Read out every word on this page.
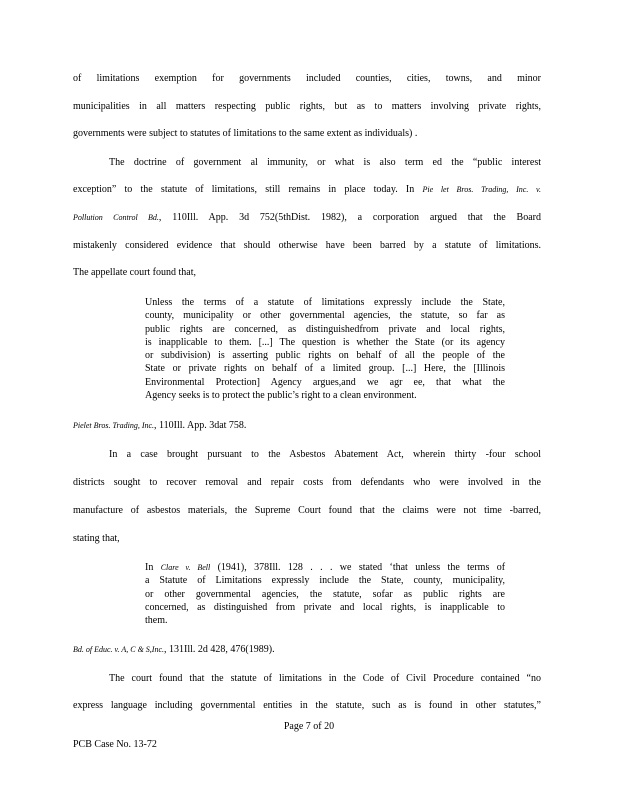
of limitations exemption for governments included counties, cities, towns, and minor
municipalities in all matters respecting public rights, but as to matters involving private rights,
governments were subject to statutes of limitations to the same extent as individuals) .
The doctrine of government al immunity, or what is also term ed the “public interest
exception” to the statute of limitations, still remains in place today. In Pie let Bros. Trading, Inc. v.
Pollution Control Bd., 110Ill. App. 3d 752(5thDist. 1982), a corporation argued that the Board
mistakenly considered evidence that should otherwise have been barred by a statute of limitations.
The appellate court found that,
Unless the terms of a statute of limitations expressly include the State,
county, municipality or other governmental agencies, the statute, so far as
public rights are concerned, as distinguishedfrom private and local rights,
is inapplicable to them. [...] The question is whether the State (or its agency
or subdivision) is asserting public rights on behalf of all the people of the
State or private rights on behalf of a limited group. [...] Here, the [Illinois
Environmental Protection] Agency argues,and we agr ee, that what the
Agency seeks is to protect the public’s right to a clean environment.
Pielet Bros. Trading, Inc., 110Ill. App. 3dat 758.
In a case brought pursuant to the Asbestos Abatement Act, wherein thirty -four school
districts sought to recover removal and repair costs from defendants who were involved in the
manufacture of asbestos materials, the Supreme Court found that the claims were not time -barred,
stating that,
In Clare v. Bell (1941), 378Ill. 128 . . . we stated ‘that unless the terms of
a Statute of Limitations expressly include the State, county, municipality,
or other governmental agencies, the statute, sofar as public rights are
concerned, as distinguished from private and local rights, is inapplicable to
them.
Bd. of Educ. v. A, C & S,Inc., 131Ill. 2d 428, 476(1989).
The court found that the statute of limitations in the Code of Civil Procedure contained “no
express language including governmental entities in the statute, such as is found in other statutes,”
Page 7 of 20
PCB Case No. 13-72
